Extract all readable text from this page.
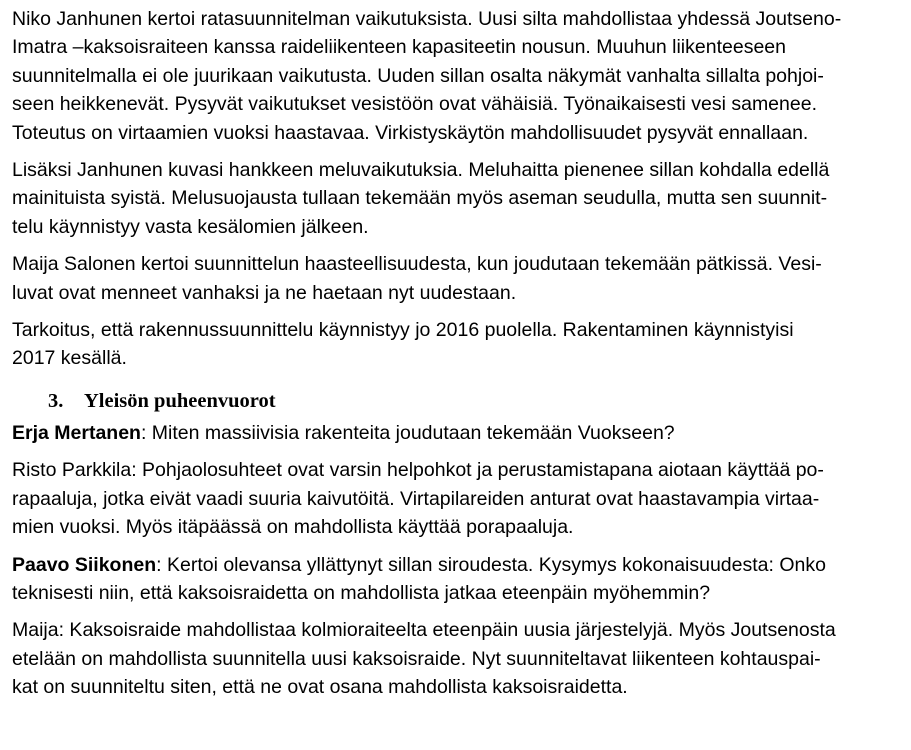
Niko Janhunen kertoi ratasuunnitelman vaikutuksista. Uusi silta mahdollistaa yhdessä Joutseno-
Imatra –kaksoisraiteen kanssa raideliikenteen kapasiteetin nousun. Muuhun liikenteeseen
suunnitelmalla ei ole juurikaan vaikutusta. Uuden sillan osalta näkymät vanhalta sillalta pohjoi-
seen heikkenevät. Pysyvät vaikutukset vesistöön ovat vähäisiä. Työnaikaisesti vesi samenee.
Toteutus on virtaamien vuoksi haastavaa. Virkistyskäytön mahdollisuudet pysyvät ennallaan.

Lisäksi Janhunen kuvasi hankkeen meluvaikutuksia. Meluhaitta pienenee sillan kohdalla edellä
mainituista syistä. Melusuojausta tullaan tekemään myös aseman seudulla, mutta sen suunnit-
telu käynnistyy vasta kesälomien jälkeen.

Maija Salonen kertoi suunnittelun haasteellisuudesta, kun joudutaan tekemään pätkissä. Vesi-
luvat ovat menneet vanhaksi ja ne haetaan nyt uudestaan.

Tarkoitus, että rakennussuunnittelu käynnistyy jo 2016 puolella. Rakentaminen käynnistyisi
2017 kesällä.

3.	Yleisön puheenvuorot

Erja Mertanen: Miten massiivisia rakenteita joudutaan tekemään Vuokseen?

Risto Parkkila: Pohjaolosuhteet ovat varsin helpohkot ja perustamistapana aiotaan käyttää po-
rapaaluja, jotka eivät vaadi suuria kaivutöitä. Virtapilareiden anturat ovat haastavampia virtaa-
mien vuoksi. Myös itäpäässä on mahdollista käyttää porapaaluja.

Paavo Siikonen: Kertoi olevansa yllättynyt sillan siroudesta. Kysymys kokonaisuudesta: Onko
teknisesti niin, että kaksoisraidetta on mahdollista jatkaa eteenpäin myöhemmin?

Maija: Kaksoisraide mahdollistaa kolmioraiteelta eteenpäin uusia järjestelyjä. Myös Joutsenosta
etelään on mahdollista suunnitella uusi kaksoisraide. Nyt suunniteltavat liikenteen kohtauspai-
kat on suunniteltu siten, että ne ovat osana mahdollista kaksoisraidetta.
